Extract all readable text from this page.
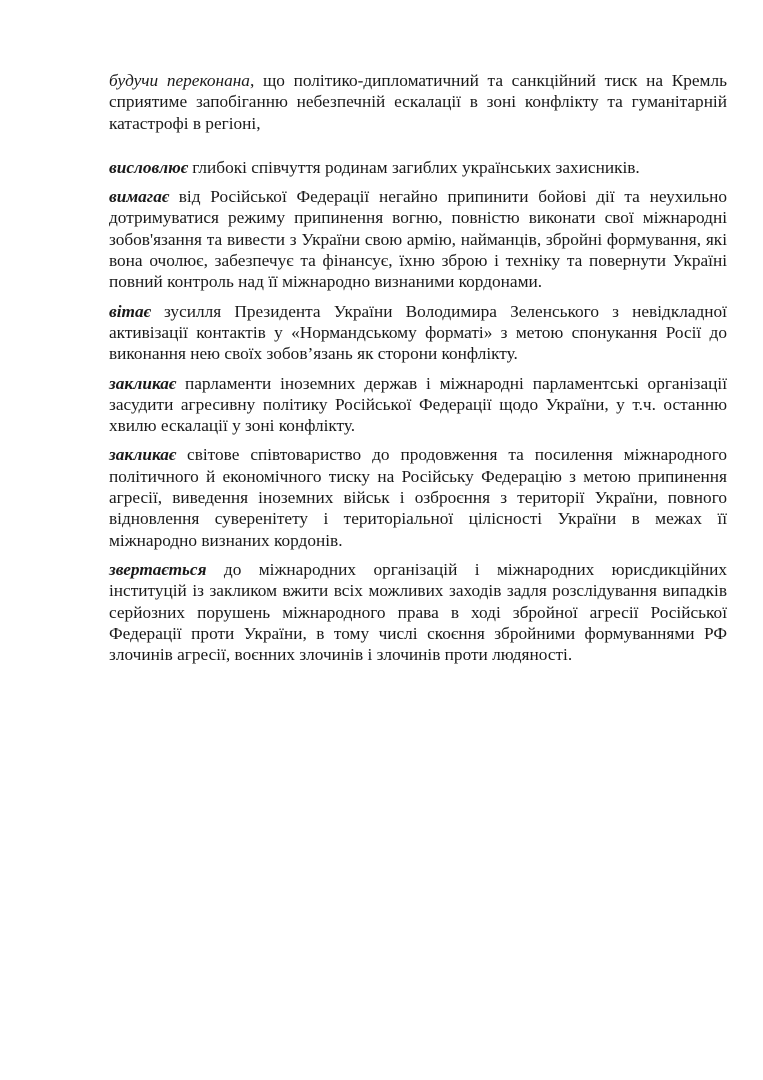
будучи переконана, що політико-дипломатичний та санкційний тиск на Кремль сприятиме запобіганню небезпечній ескалації в зоні конфлікту та гуманітарній катастрофі в регіоні,

висловлює глибокі співчуття родинам загиблих українських захисників.

вимагає від Російської Федерації негайно припинити бойові дії та неухильно дотримуватися режиму припинення вогню, повністю виконати свої міжнародні зобов'язання та вивести з України свою армію, найманців, збройні формування, які вона очолює, забезпечує та фінансує, їхню зброю і техніку та повернути Україні повний контроль над її міжнародно визнаними кордонами.

вітає зусилля Президента України Володимира Зеленського з невідкладної активізації контактів у «Нормандському форматі» з метою спонукання Росії до виконання нею своїх зобов’язань як сторони конфлікту.

закликає парламенти іноземних держав і міжнародні парламентські організації засудити агресивну політику Російської Федерації щодо України, у т.ч. останню хвилю ескалації у зоні конфлікту.

закликає світове співтовариство до продовження та посилення міжнародного політичного й економічного тиску на Російську Федерацію з метою припинення агресії, виведення іноземних військ і озброєння з території України, повного відновлення суверенітету і територіальної цілісності України в межах її міжнародно визнаних кордонів.

звертається до міжнародних організацій і міжнародних юрисдикційних інституцій із закликом вжити всіх можливих заходів задля розслідування випадків серйозних порушень міжнародного права в ході збройної агресії Російської Федерації проти України, в тому числі скоєння збройними формуваннями РФ злочинів агресії, воєнних злочинів і злочинів проти людяності.
